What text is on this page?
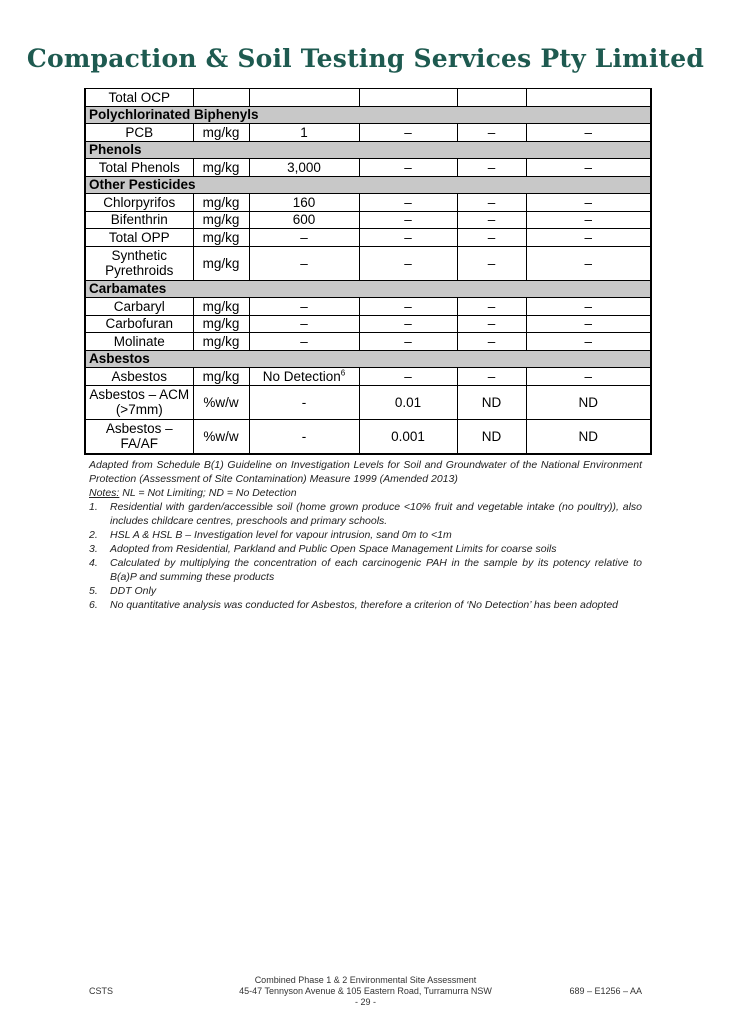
Compaction & Soil Testing Services Pty Limited
Total OCP					
Polychlorinated Biphenyls					
PCB	mg/kg	1	–	–	–
Phenols					
Total Phenols	mg/kg	3,000	–	–	–
Other Pesticides					
Chlorpyrifos	mg/kg	160	–	–	–
Bifenthrin	mg/kg	600	–	–	–
Total OPP	mg/kg	–	–	–	–
Synthetic Pyrethroids	mg/kg	–	–	–	–
Carbamates					
Carbaryl	mg/kg	–	–	–	–
Carbofuran	mg/kg	–	–	–	–
Molinate	mg/kg	–	–	–	–
Asbestos					
Asbestos	mg/kg	No Detection$^6$	–	–	–
Asbestos – ACM (>7mm)	%w/w	-	0.01	ND	ND
Asbestos – FA/AF	%w/w	-	0.001	ND	ND

Adapted from Schedule B(1) Guideline on Investigation Levels for Soil and Groundwater of the National Environment Protection (Assessment of Site Contamination) Measure 1999 (Amended 2013)

Notes: NL = Not Limiting; ND = No Detection

1. Residential with garden/accessible soil (home grown produce <10% fruit and vegetable intake (no poultry)), also includes childcare centres, preschools and primary schools.
2. HSL A & HSL B – Investigation level for vapour intrusion, sand 0m to <1m
3. Adopted from Residential, Parkland and Public Open Space Management Limits for coarse soils
4. Calculated by multiplying the concentration of each carcinogenic PAH in the sample by its potency relative to B(a)P and summing these products
5. DDT Only
6. No quantitative analysis was conducted for Asbestos, therefore a criterion of ‘No Detection’ has been adopted
Combined Phase 1 & 2 Environmental Site Assessment
45-47 Tennyson Avenue & 105 Eastern Road, Turramurra NSW
- 29 -
CSTS	689 – E1256 – AA
